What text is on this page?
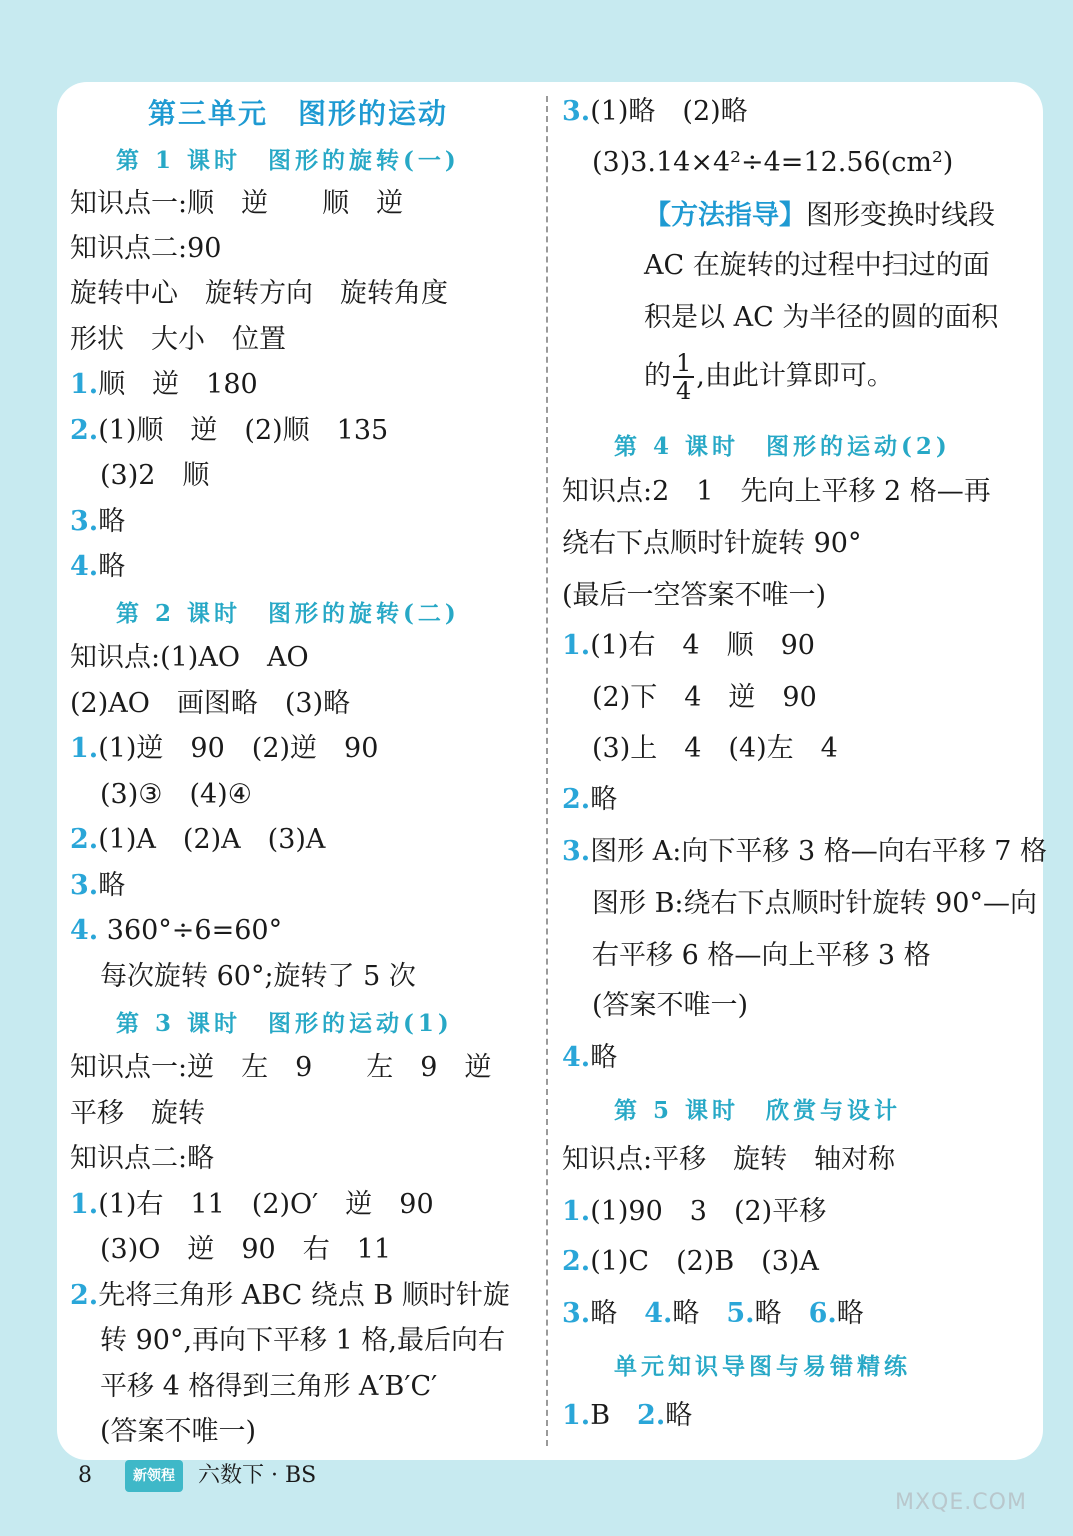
第三单元　图形的运动
第 1 课时　图形的旋转(一)
知识点一:顺　逆　　顺　逆
知识点二:90
旋转中心　旋转方向　旋转角度
形状　大小　位置
1.顺　逆　180
2.(1)顺　逆　(2)顺　135
(3)2　顺
3.略
4.略
第 2 课时　图形的旋转(二)
知识点:(1)AO　AO
(2)AO　画图略　(3)略
1.(1)逆　90　(2)逆　90
(3)③　(4)④
2.(1)A　(2)A　(3)A
3.略
4. 360°÷6=60°
每次旋转 60°;旋转了 5 次
第 3 课时　图形的运动(1)
知识点一:逆　左　9　　左　9　逆
平移　旋转
知识点二:略
1.(1)右　11　(2)O′　逆　90
(3)O　逆　90　右　11
2.先将三角形 ABC 绕点 B 顺时针旋
转 90°,再向下平移 1 格,最后向右
平移 4 格得到三角形 A′B′C′
(答案不唯一)
3.(1)略　(2)略
(3)3.14×4²÷4=12.56(cm²)
【方法指导】图形变换时线段
AC 在旋转的过程中扫过的面
积是以 AC 为半径的圆的面积
的 $\frac{1}{4}$ ,由此计算即可。
第 4 课时　图形的运动(2)
知识点:2　1　先向上平移 2 格—再
绕右下点顺时针旋转 90°
(最后一空答案不唯一)
1.(1)右　4　顺　90
(2)下　4　逆　90
(3)上　4　(4)左　4
2.略
3.图形 A:向下平移 3 格—向右平移 7 格
图形 B:绕右下点顺时针旋转 90°—向
右平移 6 格—向上平移 3 格
(答案不唯一)
4.略
第 5 课时　欣赏与设计
知识点:平移　旋转　轴对称
1.(1)90　3　(2)平移
2.(1)C　(2)B　(3)A
3.略　4.略　5.略　6.略
单元知识导图与易错精练
1.B　2.略
8	新领程 六数下 · BS
MXQE.COM
